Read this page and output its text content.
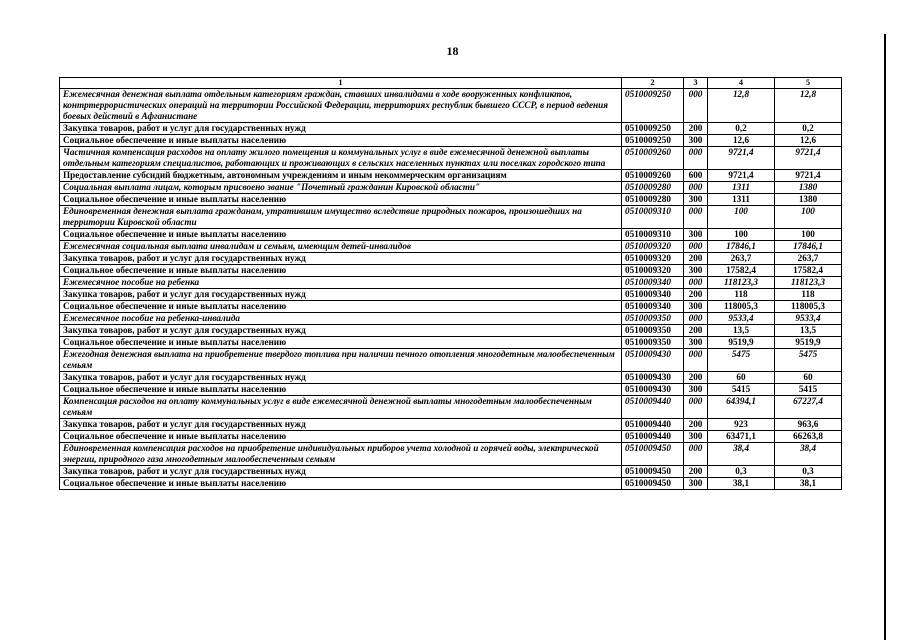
18
1	2	3	4	5
Ежемесячная денежная выплата отдельным категориям граждан, ставших инвалидами в ходе вооруженных конфликтов, контртеррористических операций на территории Российской Федерации, территориях республик бывшего СССР, в период ведения боевых действий в Афганистане	0510009250	000	12,8	12,8
Закупка товаров, работ и услуг для государственных нужд	0510009250	200	0,2	0,2
Социальное обеспечение и иные выплаты населению	0510009250	300	12,6	12,6
Частичная компенсация расходов на оплату жилого помещения и коммунальных услуг в виде ежемесячной денежной выплаты отдельным категориям специалистов, работающих и проживающих в сельских населенных пунктах или поселках городского типа	0510009260	000	9721,4	9721,4
Предоставление субсидий бюджетным, автономным учреждениям и иным некоммерческим организациям	0510009260	600	9721,4	9721,4
Социальная выплата лицам, которым присвоено звание "Почетный гражданин Кировской области"	0510009280	000	1311	1380
Социальное обеспечение и иные выплаты населению	0510009280	300	1311	1380
Единовременная денежная выплата гражданам, утратившим имущество вследствие природных пожаров, произошедших на территории Кировской области	0510009310	000	100	100
Социальное обеспечение и иные выплаты населению	0510009310	300	100	100
Ежемесячная социальная выплата инвалидам и семьям, имеющим детей-инвалидов	0510009320	000	17846,1	17846,1
Закупка товаров, работ и услуг для государственных нужд	0510009320	200	263,7	263,7
Социальное обеспечение и иные выплаты населению	0510009320	300	17582,4	17582,4
Ежемесячное пособие на ребенка	0510009340	000	118123,3	118123,3
Закупка товаров, работ и услуг для государственных нужд	0510009340	200	118	118
Социальное обеспечение и иные выплаты населению	0510009340	300	118005,3	118005,3
Ежемесячное пособие на ребенка-инвалида	0510009350	000	9533,4	9533,4
Закупка товаров, работ и услуг для государственных нужд	0510009350	200	13,5	13,5
Социальное обеспечение и иные выплаты населению	0510009350	300	9519,9	9519,9
Ежегодная денежная выплата на приобретение твердого топлива при наличии печного отопления многодетным малообеспеченным семьям	0510009430	000	5475	5475
Закупка товаров, работ и услуг для государственных нужд	0510009430	200	60	60
Социальное обеспечение и иные выплаты населению	0510009430	300	5415	5415
Компенсация расходов на оплату коммунальных услуг в виде ежемесячной денежной выплаты многодетным малообеспеченным семьям	0510009440	000	64394,1	67227,4
Закупка товаров, работ и услуг для государственных нужд	0510009440	200	923	963,6
Социальное обеспечение и иные выплаты населению	0510009440	300	63471,1	66263,8
Единовременная компенсация расходов на приобретение индивидуальных приборов учета холодной и горячей воды, электрической энергии, природного газа многодетным малообеспеченным семьям	0510009450	000	38,4	38,4
Закупка товаров, работ и услуг для государственных нужд	0510009450	200	0,3	0,3
Социальное обеспечение и иные выплаты населению	0510009450	300	38,1	38,1
